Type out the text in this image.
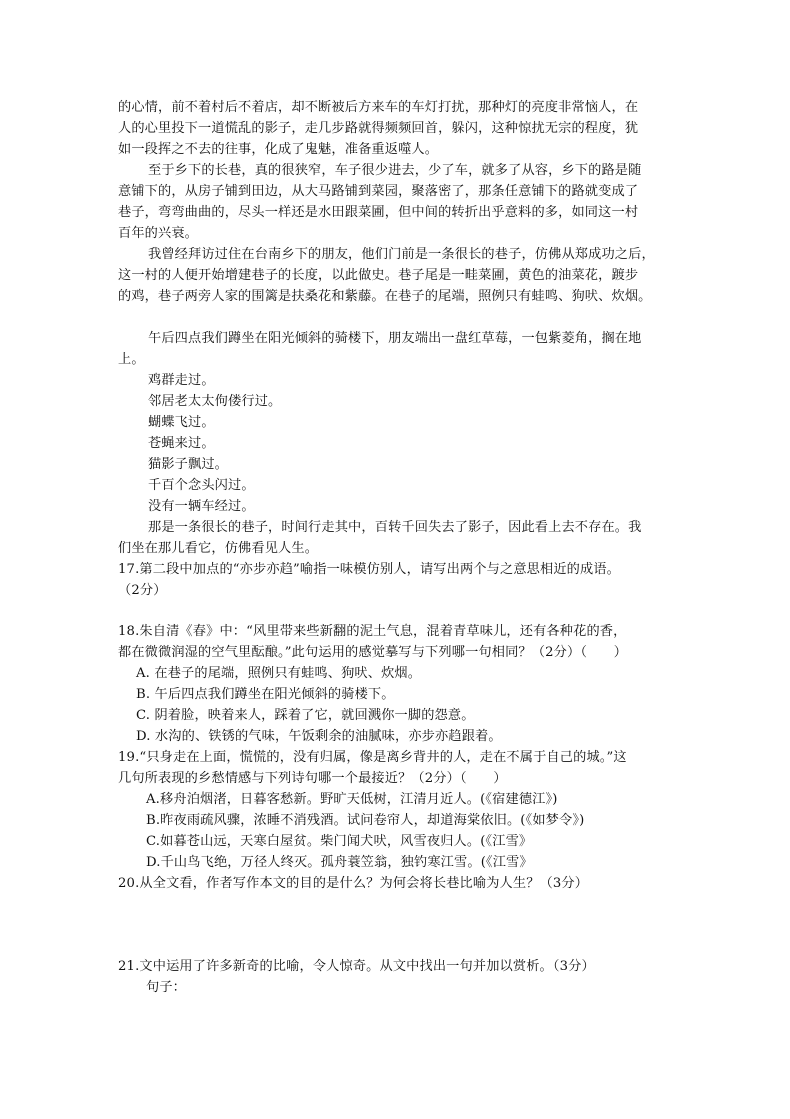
的心情，前不着村后不着店，却不断被后方来车的车灯打扰，那种灯的亮度非常恼人，在
人的心里投下一道慌乱的影子，走几步路就得频频回首，躲闪，这种惊扰无宗的程度，犹
如一段挥之不去的往事，化成了鬼魅，准备重返噬人。
至于乡下的长巷，真的很狭窄，车子很少进去，少了车，就多了从容，乡下的路是随
意铺下的，从房子铺到田边，从大马路铺到菜园，聚落密了，那条任意铺下的路就变成了
巷子，弯弯曲曲的，尽头一样还是水田跟菜圃，但中间的转折出乎意料的多，如同这一村
百年的兴衰。
我曾经拜访过住在台南乡下的朋友，他们门前是一条很长的巷子，仿佛从郑成功之后，
这一村的人便开始增建巷子的长度，以此做史。巷子尾是一畦菜圃，黄色的油菜花，踱步
的鸡，巷子两旁人家的围篱是扶桑花和紫藤。在巷子的尾端，照例只有蛙鸣、狗吠、炊烟。
午后四点我们蹲坐在阳光倾斜的骑楼下，朋友端出一盘红草莓，一包紫菱角，搁在地
上。
鸡群走过。
邻居老太太佝偻行过。
蝴蝶飞过。
苍蝇来过。
猫影子飘过。
千百个念头闪过。
没有一辆车经过。
那是一条很长的巷子，时间行走其中，百转千回失去了影子，因此看上去不存在。我
们坐在那儿看它，仿佛看见人生。
17.第二段中加点的“亦步亦趋”喻指一味模仿别人，请写出两个与之意思相近的成语。
（2分）
18.朱自清《春》中：“风里带来些新翻的泥土气息，混着青草味儿，还有各种花的香，
都在微微润湿的空气里酝酿。”此句运用的感觉摹写与下列哪一句相同？（2分）（　　）
A. 在巷子的尾端，照例只有蛙鸣、狗吠、炊烟。
B. 午后四点我们蹲坐在阳光倾斜的骑楼下。
C. 阴着脸，映着来人，踩着了它，就回溅你一脚的怨意。
D. 水沟的、铁锈的气味，午饭剩余的油腻味，亦步亦趋跟着。
19.“只身走在上面，慌慌的，没有归属，像是离乡背井的人，走在不属于自己的城。”这
几句所表现的乡愁情感与下列诗句哪一个最接近？（2分）（　　）
A.移舟泊烟渚，日暮客愁新。野旷天低树，江清月近人。(《宿建德江》)
B.昨夜雨疏风骤，浓睡不消残酒。试问卷帘人，却道海棠依旧。(《如梦令》)
C.如暮苍山远，天寒白屋贫。柴门闻犬吠，风雪夜归人。(《江雪》
D.千山鸟飞绝，万径人终灭。孤舟蓑笠翁，独钓寒江雪。(《江雪》
20.从全文看，作者写作本文的目的是什么？为何会将长巷比喻为人生？（3分）
21.文中运用了许多新奇的比喻，令人惊奇。从文中找出一句并加以赏析。（3分）
句子：
